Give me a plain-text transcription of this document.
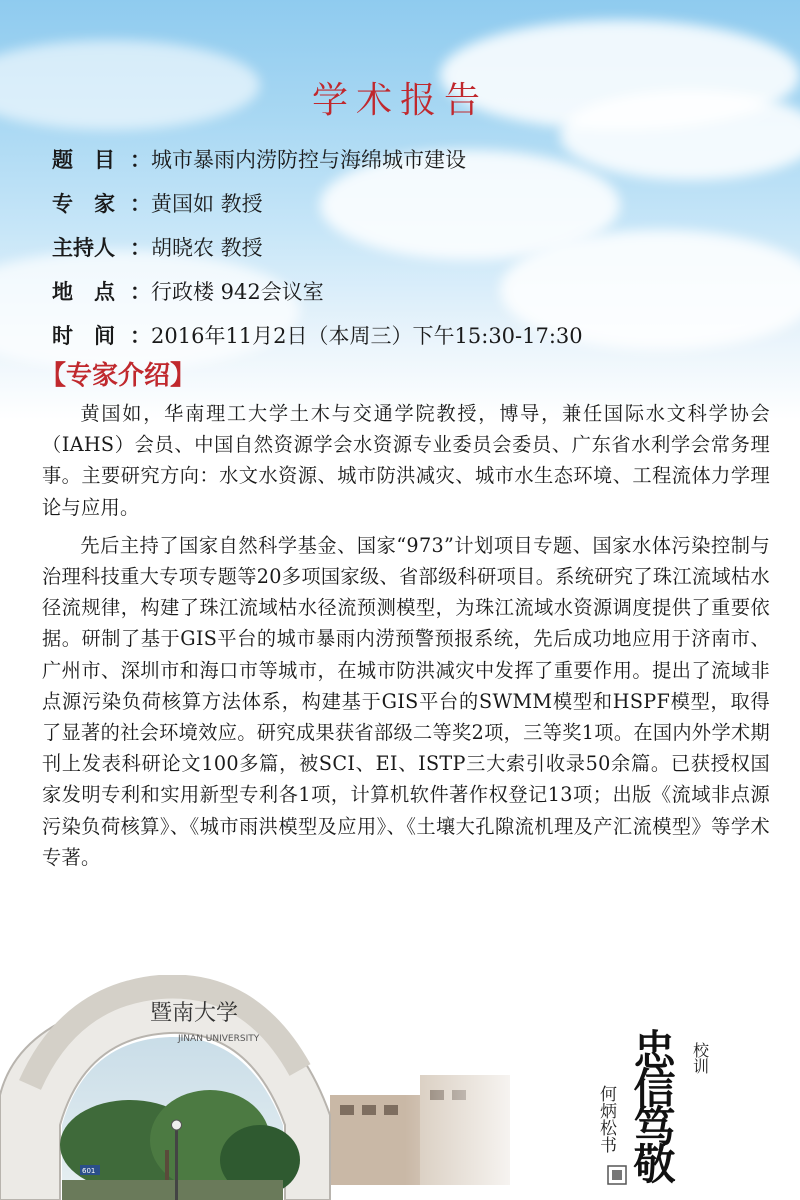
学术报告
题　目 ：城市暴雨内涝防控与海绵城市建设
专　家 ：黄国如 教授
主持人 ：胡晓农 教授
地　点 ：行政楼 942会议室
时　间 ：2016年11月2日（本周三）下午15:30-17:30
【专家介绍】

黄国如，华南理工大学土木与交通学院教授，博导，兼任国际水文科学协会（IAHS）会员、中国自然资源学会水资源专业委员会委员、广东省水利学会常务理事。主要研究方向：水文水资源、城市防洪减灾、城市水生态环境、工程流体力学理论与应用。

先后主持了国家自然科学基金、国家“973”计划项目专题、国家水体污染控制与治理科技重大专项专题等20多项国家级、省部级科研项目。系统研究了珠江流域枯水径流规律，构建了珠江流域枯水径流预测模型，为珠江流域水资源调度提供了重要依据。研制了基于GIS平台的城市暴雨内涝预警预报系统，先后成功地应用于济南市、广州市、深圳市和海口市等城市，在城市防洪减灾中发挥了重要作用。提出了流域非点源污染负荷核算方法体系，构建基于GIS平台的SWMM模型和HSPF模型，取得了显著的社会环境效应。研究成果获省部级二等奖2项，三等奖1项。在国内外学术期刊上发表科研论文100多篇，被SCI、EI、ISTP三大索引收录50余篇。已获授权国家发明专利和实用新型专利各1项，计算机软件著作权登记13项；出版《流域非点源污染负荷核算》、《城市雨洪模型及应用》、《土壤大孔隙流机理及产汇流模型》等学术专著。

校训
忠信笃敬
何炳松书
